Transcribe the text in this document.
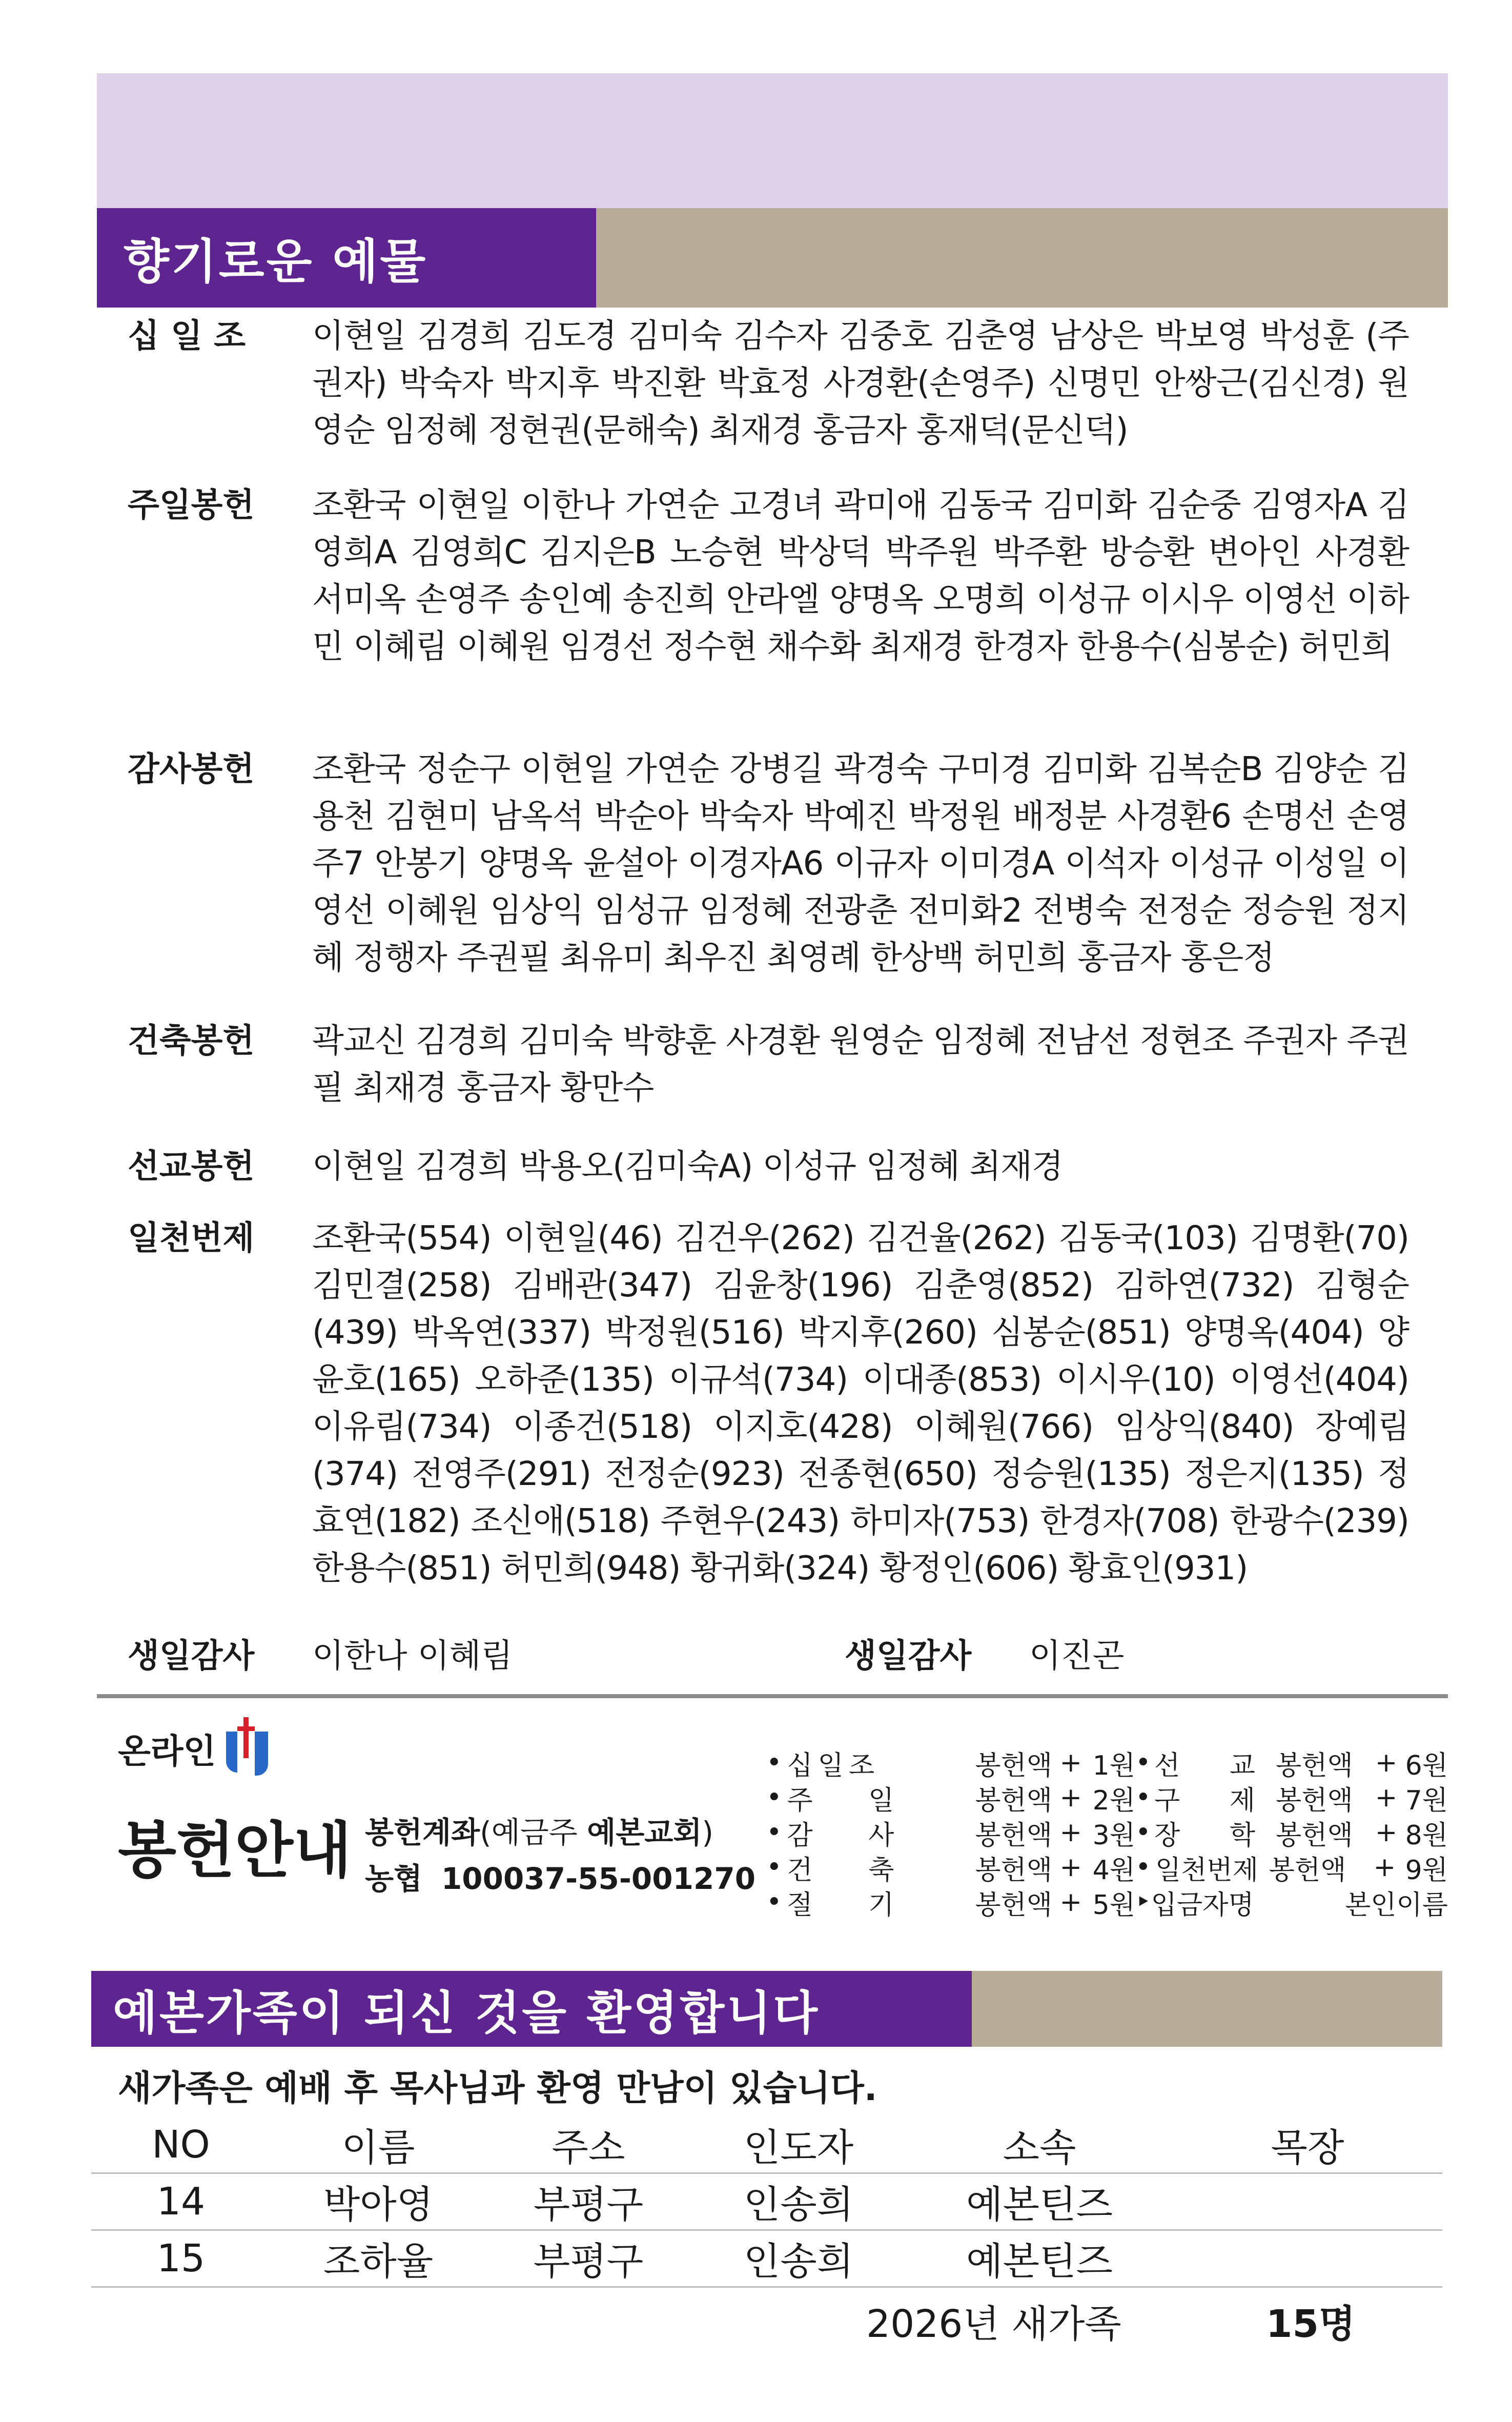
향기로운 예물
십 일 조	이현일 김경희 김도경 김미숙 김수자 김중호 김춘영 남상은 박보영 박성훈 (주권자) 박숙자 박지후 박진환 박효정 사경환(손영주) 신명민 안쌍근(김신경) 원영순 임정혜 정현권(문해숙) 최재경 홍금자 홍재덕(문신덕)
주일봉헌	조환국 이현일 이한나 가연순 고경녀 곽미애 김동국 김미화 김순중 김영자A 김영희A 김영희C 김지은B 노승현 박상덕 박주원 박주환 방승환 변아인 사경환 서미옥 손영주 송인예 송진희 안라엘 양명옥 오명희 이성규 이시우 이영선 이하민 이혜림 이혜원 임경선 정수현 채수화 최재경 한경자 한용수(심봉순) 허민희
감사봉헌	조환국 정순구 이현일 가연순 강병길 곽경숙 구미경 김미화 김복순B 김양순 김용천 김현미 남옥석 박순아 박숙자 박예진 박정원 배정분 사경환6 손명선 손영주7 안봉기 양명옥 윤설아 이경자A6 이규자 이미경A 이석자 이성규 이성일 이영선 이혜원 임상익 임성규 임정혜 전광춘 전미화2 전병숙 전정순 정승원 정지혜 정행자 주권필 최유미 최우진 최영례 한상백 허민희 홍금자 홍은정
건축봉헌	곽교신 김경희 김미숙 박향훈 사경환 원영순 임정혜 전남선 정현조 주권자 주권필 최재경 홍금자 황만수
선교봉헌	이현일 김경희 박용오(김미숙A) 이성규 임정혜 최재경
일천번제	조환국(554) 이현일(46) 김건우(262) 김건율(262) 김동국(103) 김명환(70) 김민결(258) 김배관(347) 김윤창(196) 김춘영(852) 김하연(732) 김형순(439) 박옥연(337) 박정원(516) 박지후(260) 심봉순(851) 양명옥(404) 양윤호(165) 오하준(135) 이규석(734) 이대종(853) 이시우(10) 이영선(404) 이유림(734) 이종건(518) 이지호(428) 이혜원(766) 임상익(840) 장예림(374) 전영주(291) 전정순(923) 전종현(650) 정승원(135) 정은지(135) 정효연(182) 조신애(518) 주현우(243) 하미자(753) 한경자(708) 한광수(239) 한용수(851) 허민희(948) 황귀화(324) 황정인(606) 황효인(931)
생일감사	이한나 이혜림	생일감사	이진곤
온라인
봉헌안내 봉헌계좌(예금주 예본교회)
농협 100037-55-001270
• 십일조	봉헌액 + 1원 • 선 교 봉헌액 + 6원
• 주 일	봉헌액 + 2원 • 구 제 봉헌액 + 7원
• 감 사	봉헌액 + 3원 • 장 학 봉헌액 + 8원
• 건 축	봉헌액 + 4원 • 일천번제 봉헌액	+ 9원
• 절 기	봉헌액 + 5원 ‣ 입금자명	본인이름
예본가족이 되신 것을 환영합니다
새가족은 예배 후 목사님과 환영 만남이 있습니다.
NO	이름	주소	인도자	소속	목장
14	박아영	부평구	인송희	예본틴즈	
15	조하율	부평구	인송희	예본틴즈	
2026년 새가족	15명
